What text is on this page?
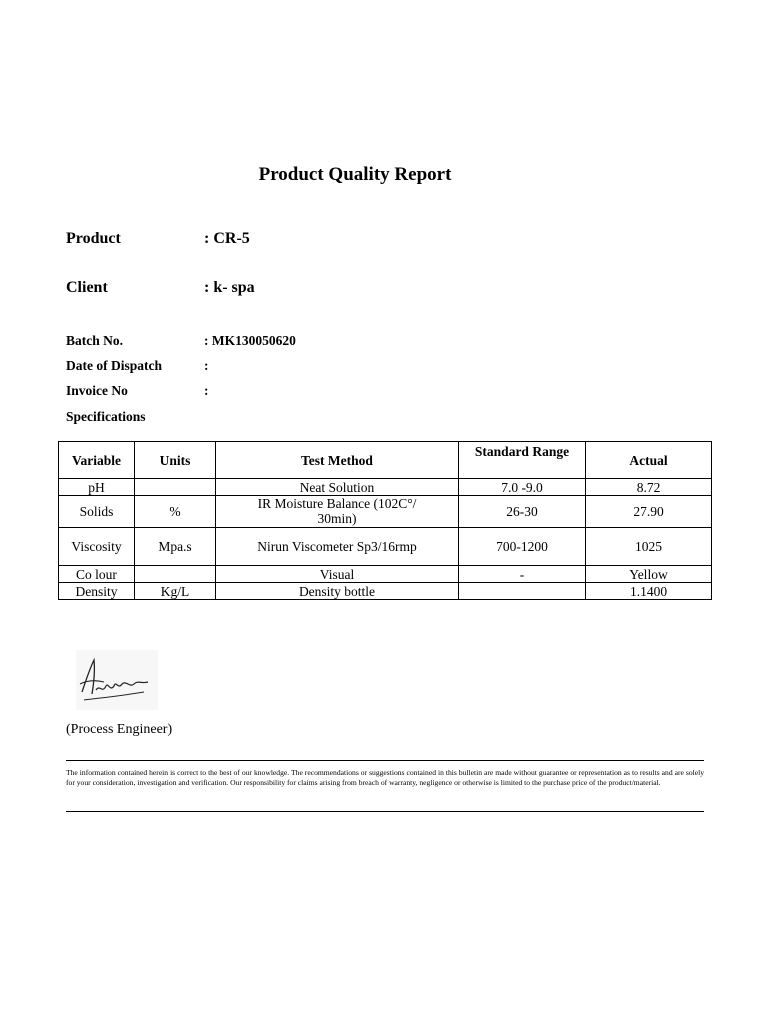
Product Quality Report
Product	: CR-5
Client	: k- spa
Batch No.	: MK130050620
Date of Dispatch	:
Invoice No	:
Specifications
Variable	Units	Test Method	Standard Range	Actual
pH		Neat Solution	7.0 -9.0	8.72
Solids	%	IR Moisture Balance (102C°/ 30min)	26-30	27.90
Viscosity	Mpa.s	Nirun Viscometer Sp3/16rmp	700-1200	1025
Co lour		Visual	-	Yellow
Density	Kg/L	Density bottle		1.1400
(Process Engineer)
The information contained herein is correct to the best of our knowledge. The recommendations or suggestions contained in this bulletin are made without guarantee or representation as to results and are solely for your consideration, investigation and verification. Our responsibility for claims arising from breach of warranty, negligence or otherwise is limited to the purchase price of the product/material.
